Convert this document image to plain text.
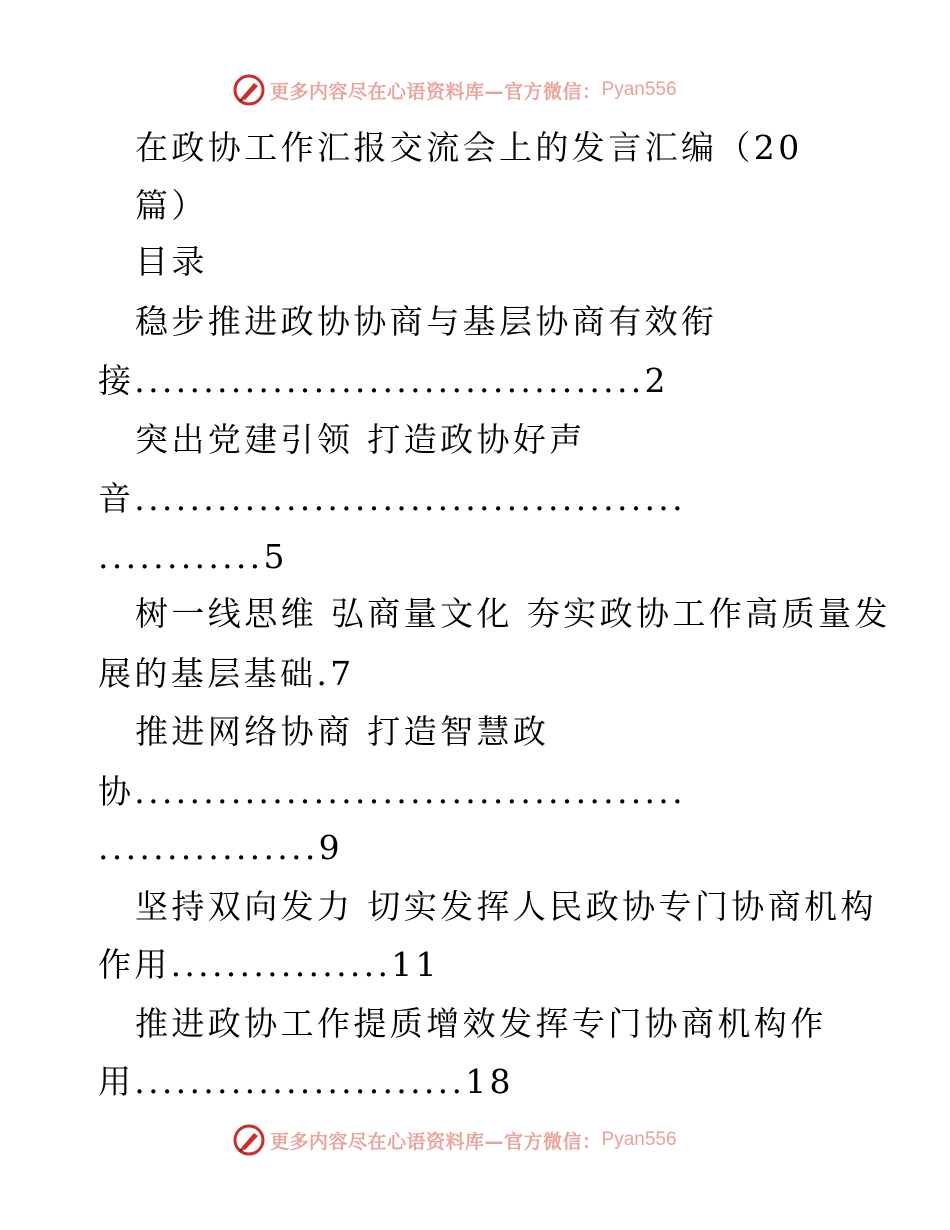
更多内容尽在心语资料库—官方微信： Pyan556
在政协工作汇报交流会上的发言汇编（20
篇）
目录
稳步推进政协协商与基层协商有效衔
接.....................................2
突出党建引领 打造政协好声
音........................................
............5
树一线思维 弘商量文化 夯实政协工作高质量发
展的基层基础.7
推进网络协商 打造智慧政
协........................................
................9
坚持双向发力 切实发挥人民政协专门协商机构
作用................11
推进政协工作提质增效发挥专门协商机构作
用........................18
更多内容尽在心语资料库—官方微信： Pyan556
